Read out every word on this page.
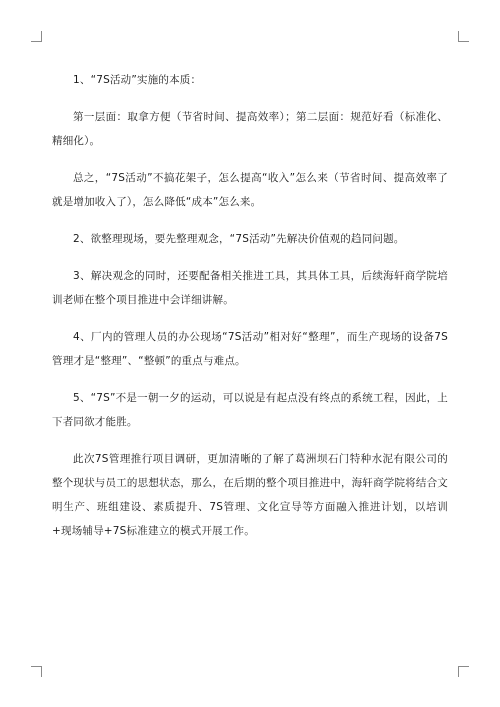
1、“7S活动”实施的本质：

第一层面：取拿方便（节省时间、提高效率）；第二层面：规范好看（标准化、精细化）。

总之，“7S活动”不搞花架子，怎么提高“收入”怎么来（节省时间、提高效率了就是增加收入了），怎么降低“成本”怎么来。

2、欲整理现场，要先整理观念，“7S活动”先解决价值观的趋同问题。

3、解决观念的同时，还要配备相关推进工具，其具体工具，后续海轩商学院培训老师在整个项目推进中会详细讲解。

4、厂内的管理人员的办公现场“7S活动”相对好“整理”，而生产现场的设备7S管理才是“整理”、“整顿”的重点与难点。

5、“7S”不是一朝一夕的运动，可以说是有起点没有终点的系统工程，因此，上下者同欲才能胜。

此次7S管理推行项目调研，更加清晰的了解了葛洲坝石门特种水泥有限公司的整个现状与员工的思想状态，那么，在后期的整个项目推进中，海轩商学院将结合文明生产、班组建设、素质提升、7S管理、文化宣导等方面融入推进计划，以培训+现场辅导+7S标准建立的模式开展工作。
